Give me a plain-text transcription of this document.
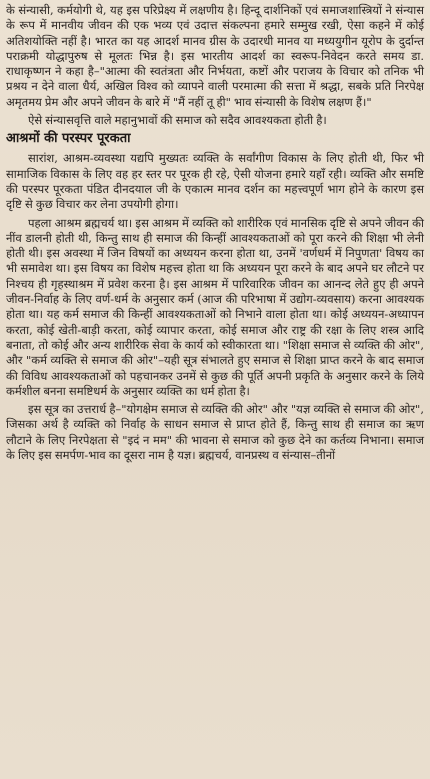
के संन्यासी, कर्मयोगी थे, यह इस परिप्रेक्ष्य में लक्षणीय है। हिन्दू दार्शनिकों एवं समाजशास्त्रियों ने संन्यास के रूप में मानवीय जीवन की एक भव्य एवं उदात्त संकल्पना हमारे सम्मुख रखी, ऐसा कहने में कोई अतिशयोक्ति नहीं है। भारत का यह आदर्श मानव ग्रीस के उदारधी मानव या मध्ययुगीन यूरोप के दुर्दान्त पराक्रमी योद्धापुरुष से मूलतः भिन्न है। इस भारतीय आदर्श का स्वरूप-निवेदन करते समय डा. राधाकृष्णन ने कहा है–"आत्मा की स्वतंत्रता और निर्भयता, कष्टों और पराजय के विचार को तनिक भी प्रश्रय न देने वाला धैर्य, अखिल विश्व को व्यापने वाली परमात्मा की सत्ता में श्रद्धा, सबके प्रति निरपेक्ष अमृतमय प्रेम और अपने जीवन के बारे में "मैं नहीं तू ही" भाव संन्यासी के विशेष लक्षण हैं।"

ऐसे संन्यासवृत्ति वाले महानुभावों की समाज को सदैव आवश्यकता होती है।

आश्रमों की परस्पर पूरकता

सारांश, आश्रम-व्यवस्था यद्यपि मुख्यतः व्यक्ति के सर्वांगीण विकास के लिए होती थी, फिर भी सामाजिक विकास के लिए वह हर स्तर पर पूरक ही रहे, ऐसी योजना हमारे यहाँ रही। व्यक्ति और समष्टि की परस्पर पूरकता पंडित दीनदयाल जी के एकात्म मानव दर्शन का महत्त्वपूर्ण भाग होने के कारण इस दृष्टि से कुछ विचार कर लेना उपयोगी होगा।

पहला आश्रम ब्रह्मचर्य था। इस आश्रम में व्यक्ति को शारीरिक एवं मानसिक दृष्टि से अपने जीवन की नींव डालनी होती थी, किन्तु साथ ही समाज की किन्हीं आवश्यकताओं को पूरा करने की शिक्षा भी लेनी होती थी। इस अवस्था में जिन विषयों का अध्ययन करना होता था, उनमें 'वर्णधर्म में निपुणता' विषय का भी समावेश था। इस विषय का विशेष महत्त्व होता था कि अध्ययन पूरा करने के बाद अपने घर लौटने पर निश्चय ही गृहस्थाश्रम में प्रवेश करना है। इस आश्रम में पारिवारिक जीवन का आनन्द लेते हुए ही अपने जीवन-निर्वाह के लिए वर्ण-धर्म के अनुसार कर्म (आज की परिभाषा में उद्योग-व्यवसाय) करना आवश्यक होता था। यह कर्म समाज की किन्हीं आवश्यकताओं को निभाने वाला होता था। कोई अध्ययन-अध्यापन करता, कोई खेती-बाड़ी करता, कोई व्यापार करता, कोई समाज और राष्ट्र की रक्षा के लिए शस्त्र आदि बनाता, तो कोई और अन्य शारीरिक सेवा के कार्य को स्वीकारता था। "शिक्षा समाज से व्यक्ति की ओर", और "कर्म व्यक्ति से समाज की ओर"–यही सूत्र संभालते हुए समाज से शिक्षा प्राप्त करने के बाद समाज की विविध आवश्यकताओं को पहचानकर उनमें से कुछ की पूर्ति अपनी प्रकृति के अनुसार करने के लिये कर्मशील बनना समष्टिधर्म के अनुसार व्यक्ति का धर्म होता है।

इस सूत्र का उत्तरार्ध है–"योगक्षेम समाज से व्यक्ति की ओर" और "यज्ञ व्यक्ति से समाज की ओर", जिसका अर्थ है व्यक्ति को निर्वाह के साधन समाज से प्राप्त होते हैं, किन्तु साथ ही समाज का ऋण लौटाने के लिए निरपेक्षता से "इदं न मम" की भावना से समाज को कुछ देने का कर्तव्य निभाना। समाज के लिए इस समर्पण-भाव का दूसरा नाम है यज्ञ। ब्रह्मचर्य, वानप्रस्थ व संन्यास–तीनों
